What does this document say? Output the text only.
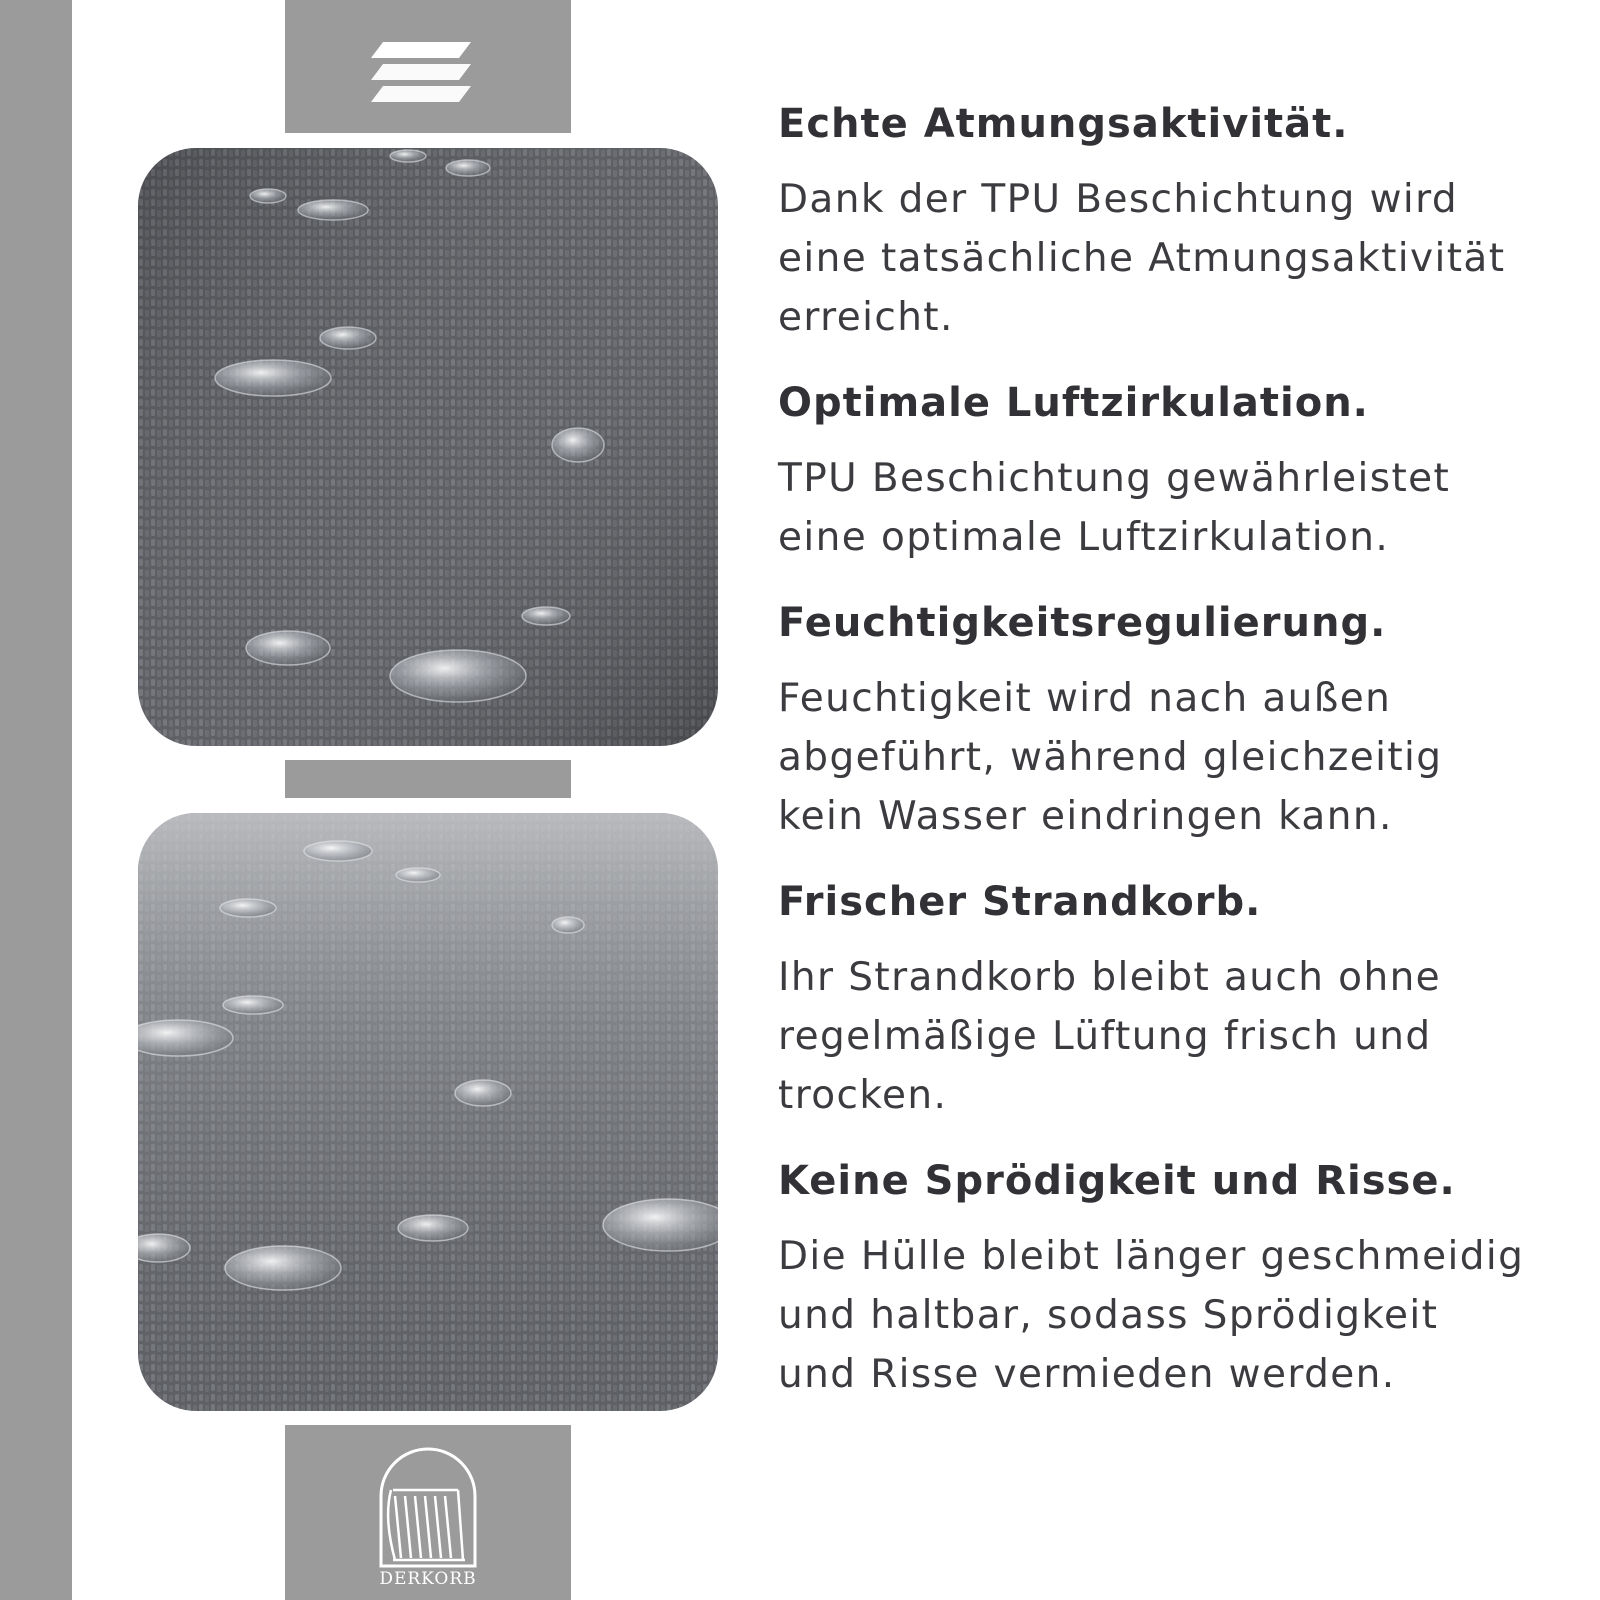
DERKORB
Echte Atmungsaktivität.

Dank der TPU Beschichtung wird
eine tatsächliche Atmungsaktivität
erreicht.

Optimale Luftzirkulation.

TPU Beschichtung gewährleistet
eine optimale Luftzirkulation.

Feuchtigkeitsregulierung.

Feuchtigkeit wird nach außen
abgeführt, während gleichzeitig
kein Wasser eindringen kann.

Frischer Strandkorb.

Ihr Strandkorb bleibt auch ohne
regelmäßige Lüftung frisch und
trocken.

Keine Sprödigkeit und Risse.

Die Hülle bleibt länger geschmeidig
und haltbar, sodass Sprödigkeit
und Risse vermieden werden.
